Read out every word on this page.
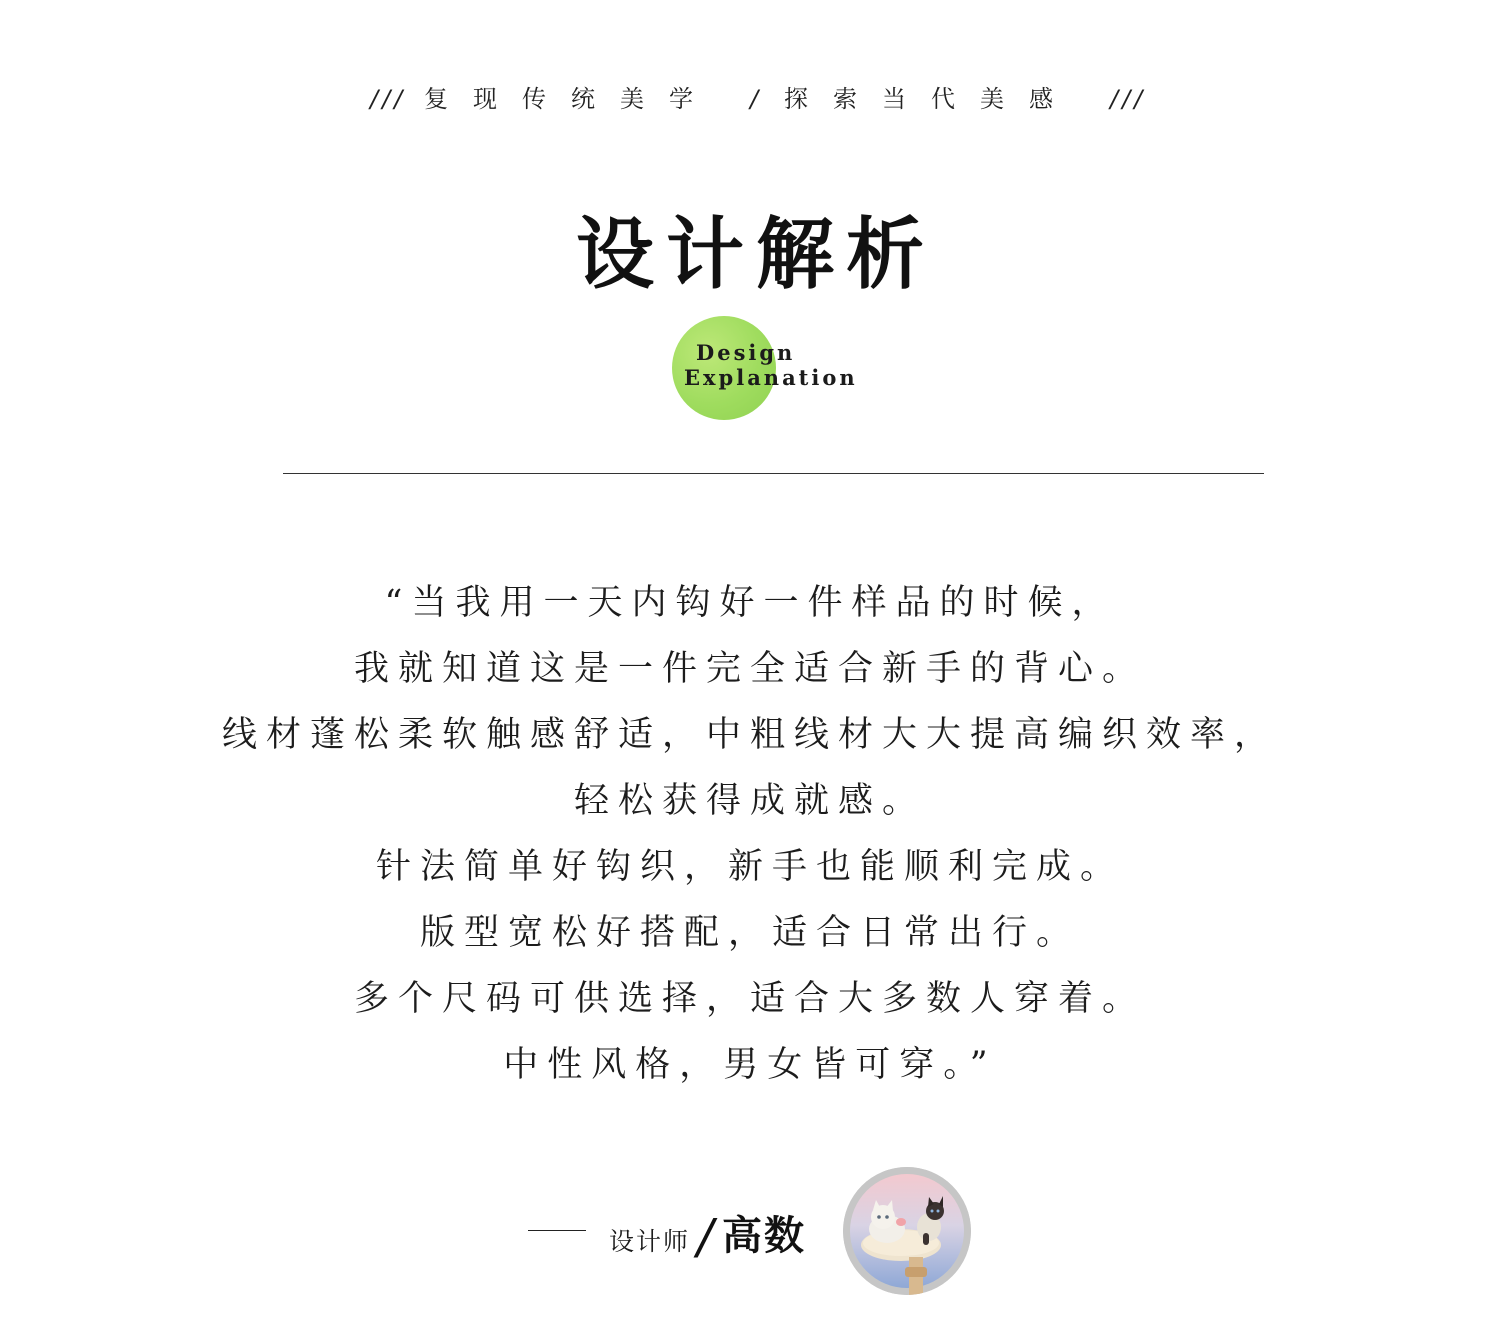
/// 复现传统美学 / 探索当代美感 ///
设计解析
Design
Explanation
“当我用一天内钩好一件样品的时候，
我就知道这是一件完全适合新手的背心。
线材蓬松柔软触感舒适，中粗线材大大提高编织效率，
轻松获得成就感。
针法简单好钩织，新手也能顺利完成。
版型宽松好搭配，适合日常出行。
多个尺码可供选择，适合大多数人穿着。
中性风格，男女皆可穿。”
设计师 / 高数
